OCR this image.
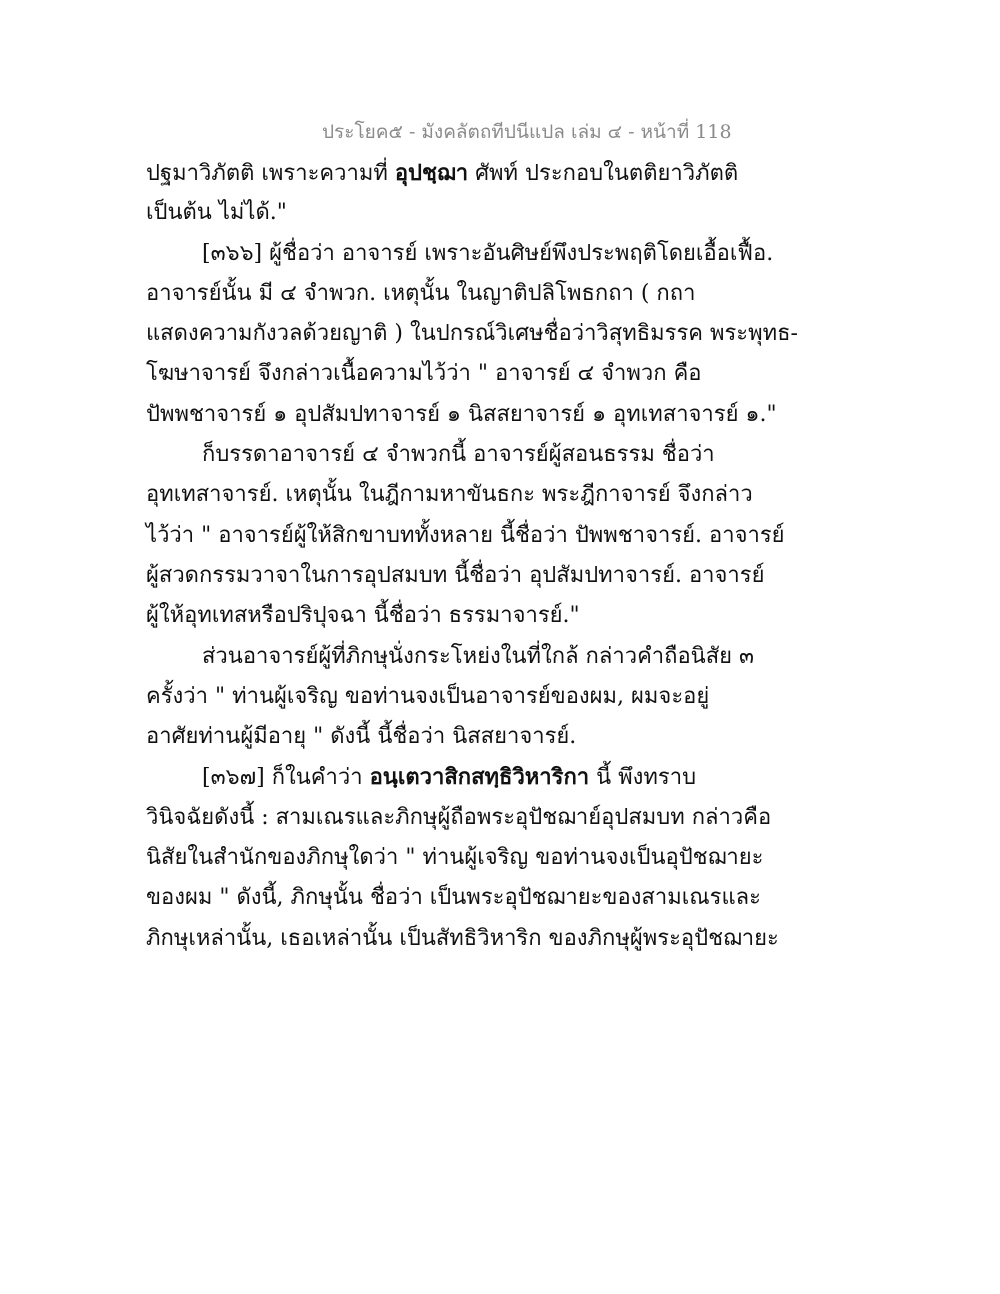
ประโยค๕ - มังคลัตถทีปนีแปล เล่ม ๔ - หน้าที่ 118
ปฐมาวิภัตติ เพราะความที่ อุปชฺฌา ศัพท์ ประกอบในตติยาวิภัตติ
เป็นต้น ไม่ได้."
[๓๖๖] ผู้ชื่อว่า อาจารย์ เพราะอันศิษย์พึงประพฤติโดยเอื้อเฟื้อ.
อาจารย์นั้น มี ๔ จำพวก. เหตุนั้น ในญาติปลิโพธกถา ( กถา
แสดงความกังวลด้วยญาติ ) ในปกรณ์วิเศษชื่อว่าวิสุทธิมรรค พระพุทธ-
โฆษาจารย์ จึงกล่าวเนื้อความไว้ว่า " อาจารย์ ๔ จำพวก คือ
ปัพพชาจารย์ ๑ อุปสัมปทาจารย์ ๑ นิสสยาจารย์ ๑ อุทเทสาจารย์ ๑."
ก็บรรดาอาจารย์ ๔ จำพวกนี้ อาจารย์ผู้สอนธรรม ชื่อว่า
อุทเทสาจารย์. เหตุนั้น ในฎีกามหาขันธกะ พระฎีกาจารย์ จึงกล่าว
ไว้ว่า " อาจารย์ผู้ให้สิกขาบททั้งหลาย นี้ชื่อว่า ปัพพชาจารย์. อาจารย์
ผู้สวดกรรมวาจาในการอุปสมบท นี้ชื่อว่า อุปสัมปทาจารย์. อาจารย์
ผู้ให้อุทเทสหรือปริปุจฉา นี้ชื่อว่า ธรรมาจารย์."
ส่วนอาจารย์ผู้ที่ภิกษุนั่งกระโหย่งในที่ใกล้ กล่าวคำถือนิสัย ๓
ครั้งว่า " ท่านผู้เจริญ ขอท่านจงเป็นอาจารย์ของผม, ผมจะอยู่
อาศัยท่านผู้มีอายุ " ดังนี้ นี้ชื่อว่า นิสสยาจารย์.
[๓๖๗] ก็ในคำว่า อนฺเตวาสิกสทฺธิวิหาริกา นี้ พึงทราบ
วินิจฉัยดังนี้ : สามเณรและภิกษุผู้ถือพระอุปัชฌาย์อุปสมบท กล่าวคือ
นิสัยในสำนักของภิกษุใดว่า " ท่านผู้เจริญ ขอท่านจงเป็นอุปัชฌายะ
ของผม " ดังนี้, ภิกษุนั้น ชื่อว่า เป็นพระอุปัชฌายะของสามเณรและ
ภิกษุเหล่านั้น, เธอเหล่านั้น เป็นสัทธิวิหาริก ของภิกษุผู้พระอุปัชฌายะ
